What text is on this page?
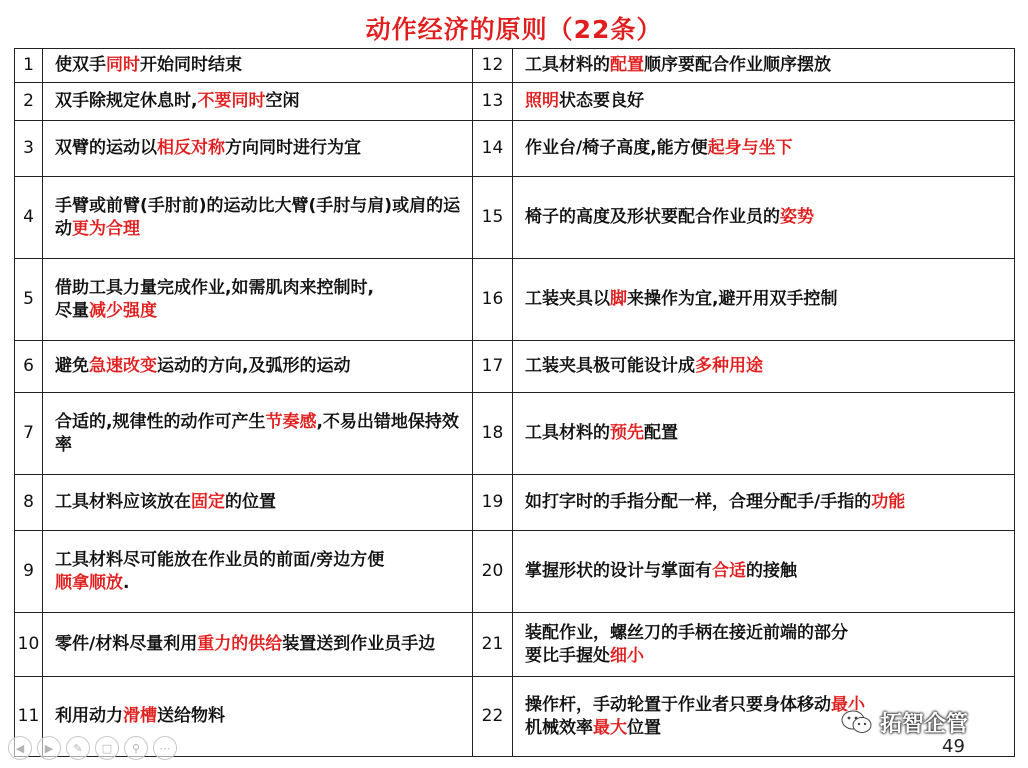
动作经济的原则（22条）
1	使双手同时开始同时结束	12	工具材料的配置顺序要配合作业顺序摆放
2	双手除规定休息时,不要同时空闲	13	照明状态要良好
3	双臂的运动以相反对称方向同时进行为宜	14	作业台/椅子高度,能方便起身与坐下
4	手臂或前臂(手肘前)的运动比大臂(手肘与肩)或肩的运动更为合理	15	椅子的高度及形状要配合作业员的姿势
5	借助工具力量完成作业,如需肌肉来控制时,
尽量减少强度	16	工装夹具以脚来操作为宜,避开用双手控制
6	避免急速改变运动的方向,及弧形的运动	17	工装夹具极可能设计成多种用途
7	合适的,规律性的动作可产生节奏感,不易出错地保持效率	18	工具材料的预先配置
8	工具材料应该放在固定的位置	19	如打字时的手指分配一样，合理分配手/手指的功能
9	工具材料尽可能放在作业员的前面/旁边方便
顺拿顺放.	20	掌握形状的设计与掌面有合适的接触
10	零件/材料尽量利用重力的供给装置送到作业员手边	21	装配作业，螺丝刀的手柄在接近前端的部分
要比手握处细小
11	利用动力滑槽送给物料	22	操作杆，手动轮置于作业者只要身体移动最小
机械效率最大位置
◀	▶	✎	□	⚲	⋯
拓智企管
49
